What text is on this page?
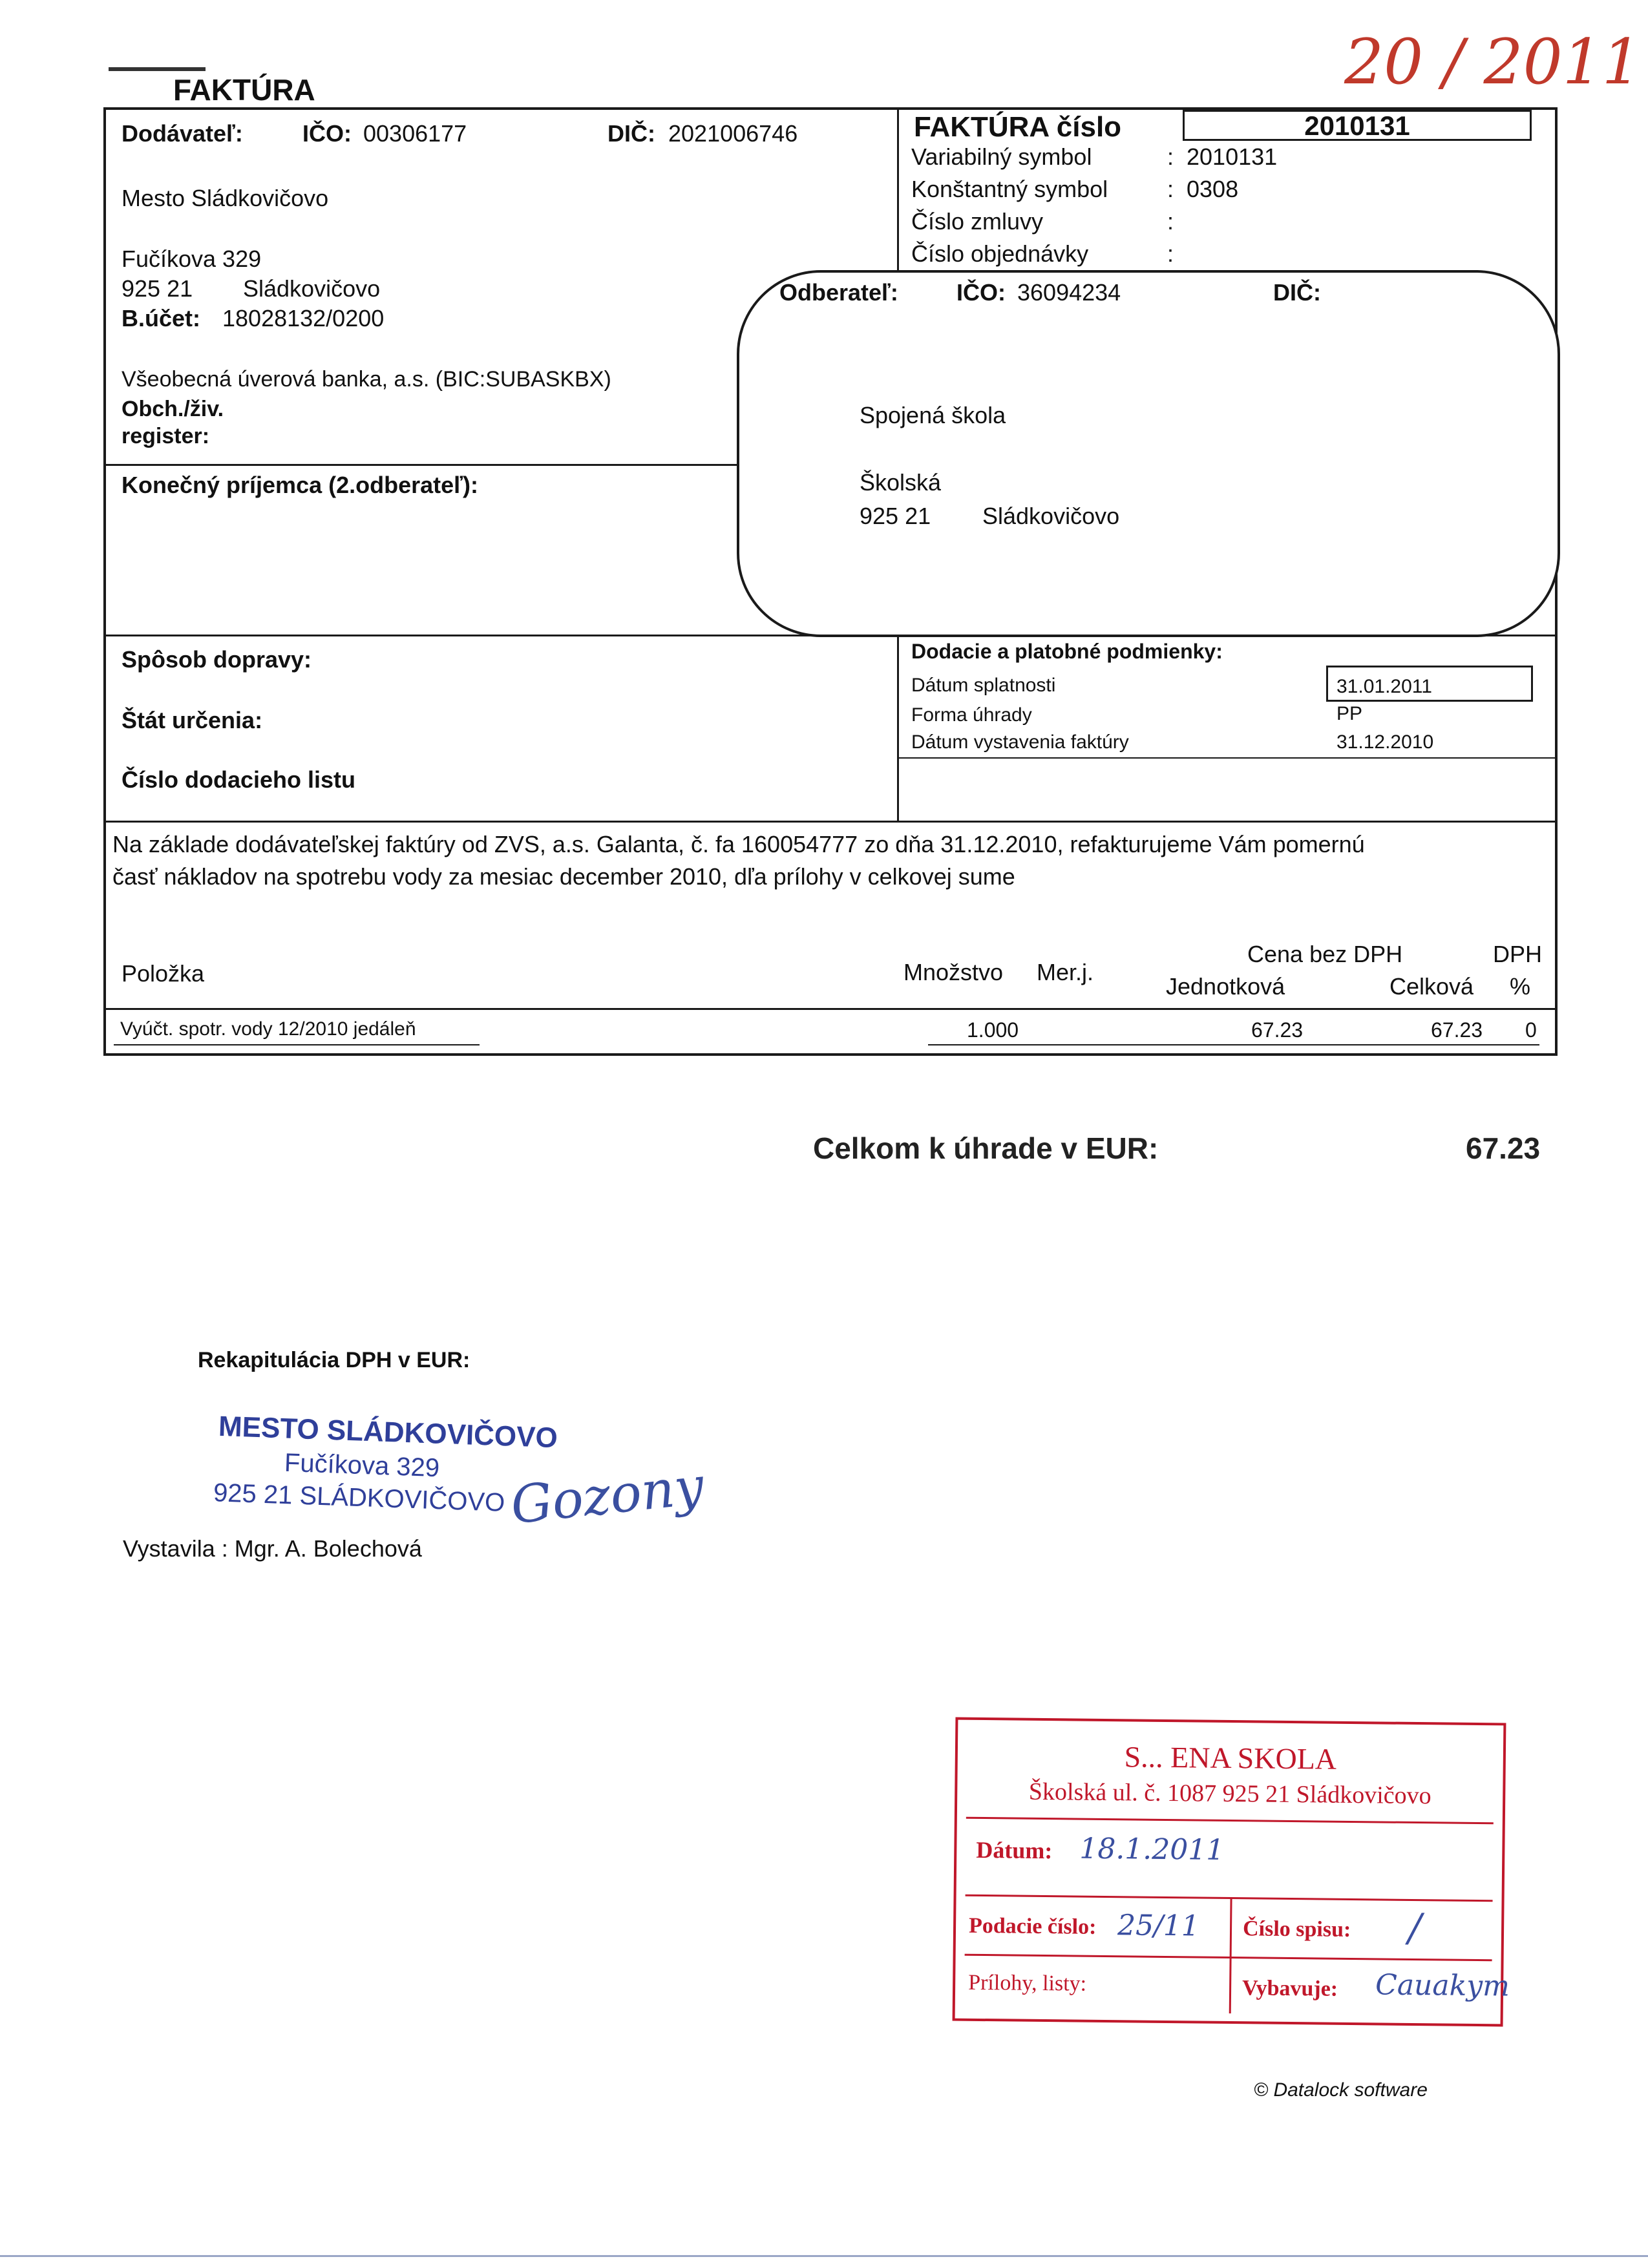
20 / 2011
FAKTÚRA
Dodávateľ:	IČO: 00306177	DIČ: 2021006746
Mesto Sládkovičovo
Fučíkova 329
925 21 Sládkovičovo
B.účet: 18028132/0200
Všeobecná úverová banka, a.s. (BIC:SUBASKBX)
Obch./živ.
register:
Konečný príjemca (2.odberateľ):
FAKTÚRA číslo	2010131
Variabilný symbol	: 2010131
Konštantný symbol	: 0308
Číslo zmluvy	:
Číslo objednávky	:
Odberateľ:	IČO: 36094234	DIČ:
Spojená škola
Školská
925 21 Sládkovičovo
Spôsob dopravy:
Štát určenia:
Číslo dodacieho listu
Dodacie a platobné podmienky:
Dátum splatnosti	31.01.2011
Forma úhrady	PP
Dátum vystavenia faktúry	31.12.2010
Na základe dodávateľskej faktúry od ZVS, a.s. Galanta, č. fa 160054777 zo dňa 31.12.2010, refakturujeme Vám pomernú
časť nákladov na spotrebu vody za mesiac december 2010, dľa prílohy v celkovej sume
Položka	Množstvo Mer.j.
Cena bez DPH
Jednotková	Celková
DPH
%
Vyúčt. spotr. vody 12/2010 jedáleň	1.000	67.23	67.23 0
Celkom k úhrade v EUR:	67.23
Rekapitulácia DPH v EUR:
MESTO SLÁDKOVIČOVO
Fučíkova 329
925 21 SLÁDKOVIČOVO Gozony
Vystavila : Mgr. A. Bolechová
S... ENA SKOLA
Školská ul. č. 1087 925 21 Sládkovičovo
Dátum: 18.1.2011
Podacie číslo: 25/11 Číslo spisu: /
Prílohy, listy:	Vybavuje: Cauakym
© Datalock software
